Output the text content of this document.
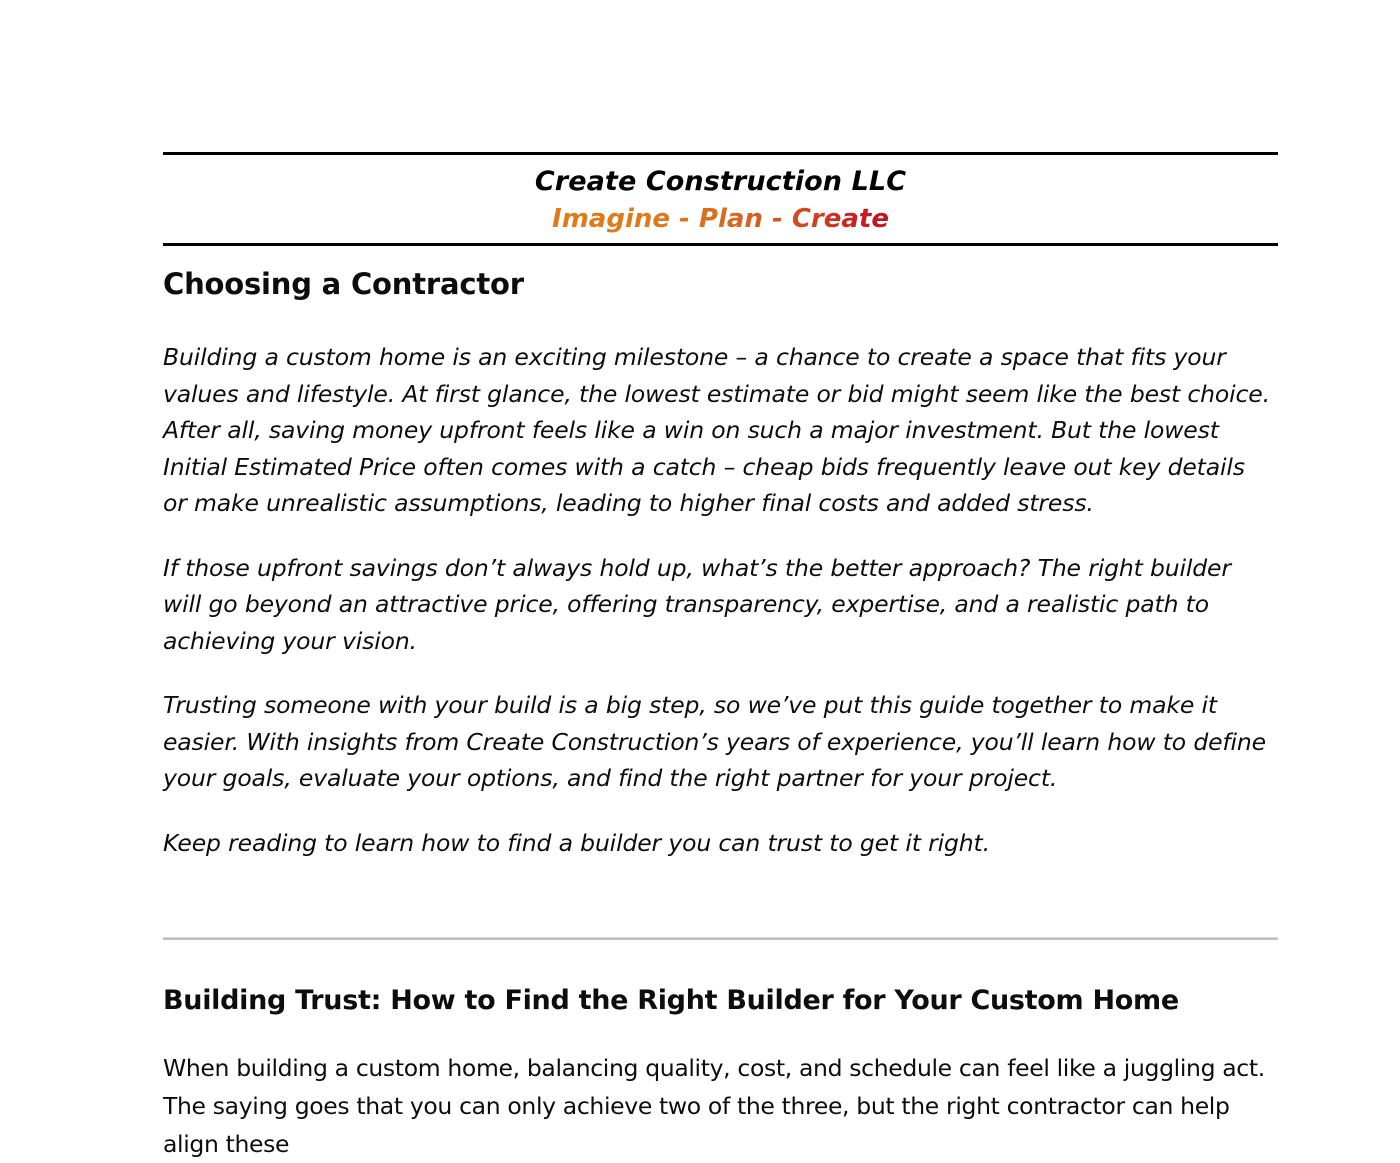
Create Construction LLC
Imagine - Plan - Create
Choosing a Contractor

Building a custom home is an exciting milestone – a chance to create a space that fits your values and lifestyle. At first glance, the lowest estimate or bid might seem like the best choice. After all, saving money upfront feels like a win on such a major investment. But the lowest Initial Estimated Price often comes with a catch – cheap bids frequently leave out key details or make unrealistic assumptions, leading to higher final costs and added stress.

If those upfront savings don’t always hold up, what’s the better approach? The right builder will go beyond an attractive price, offering transparency, expertise, and a realistic path to achieving your vision.

Trusting someone with your build is a big step, so we’ve put this guide together to make it easier. With insights from Create Construction’s years of experience, you’ll learn how to define your goals, evaluate your options, and find the right partner for your project.

Keep reading to learn how to find a builder you can trust to get it right.

Building Trust: How to Find the Right Builder for Your Custom Home

When building a custom home, balancing quality, cost, and schedule can feel like a juggling act. The saying goes that you can only achieve two of the three, but the right contractor can help align these
